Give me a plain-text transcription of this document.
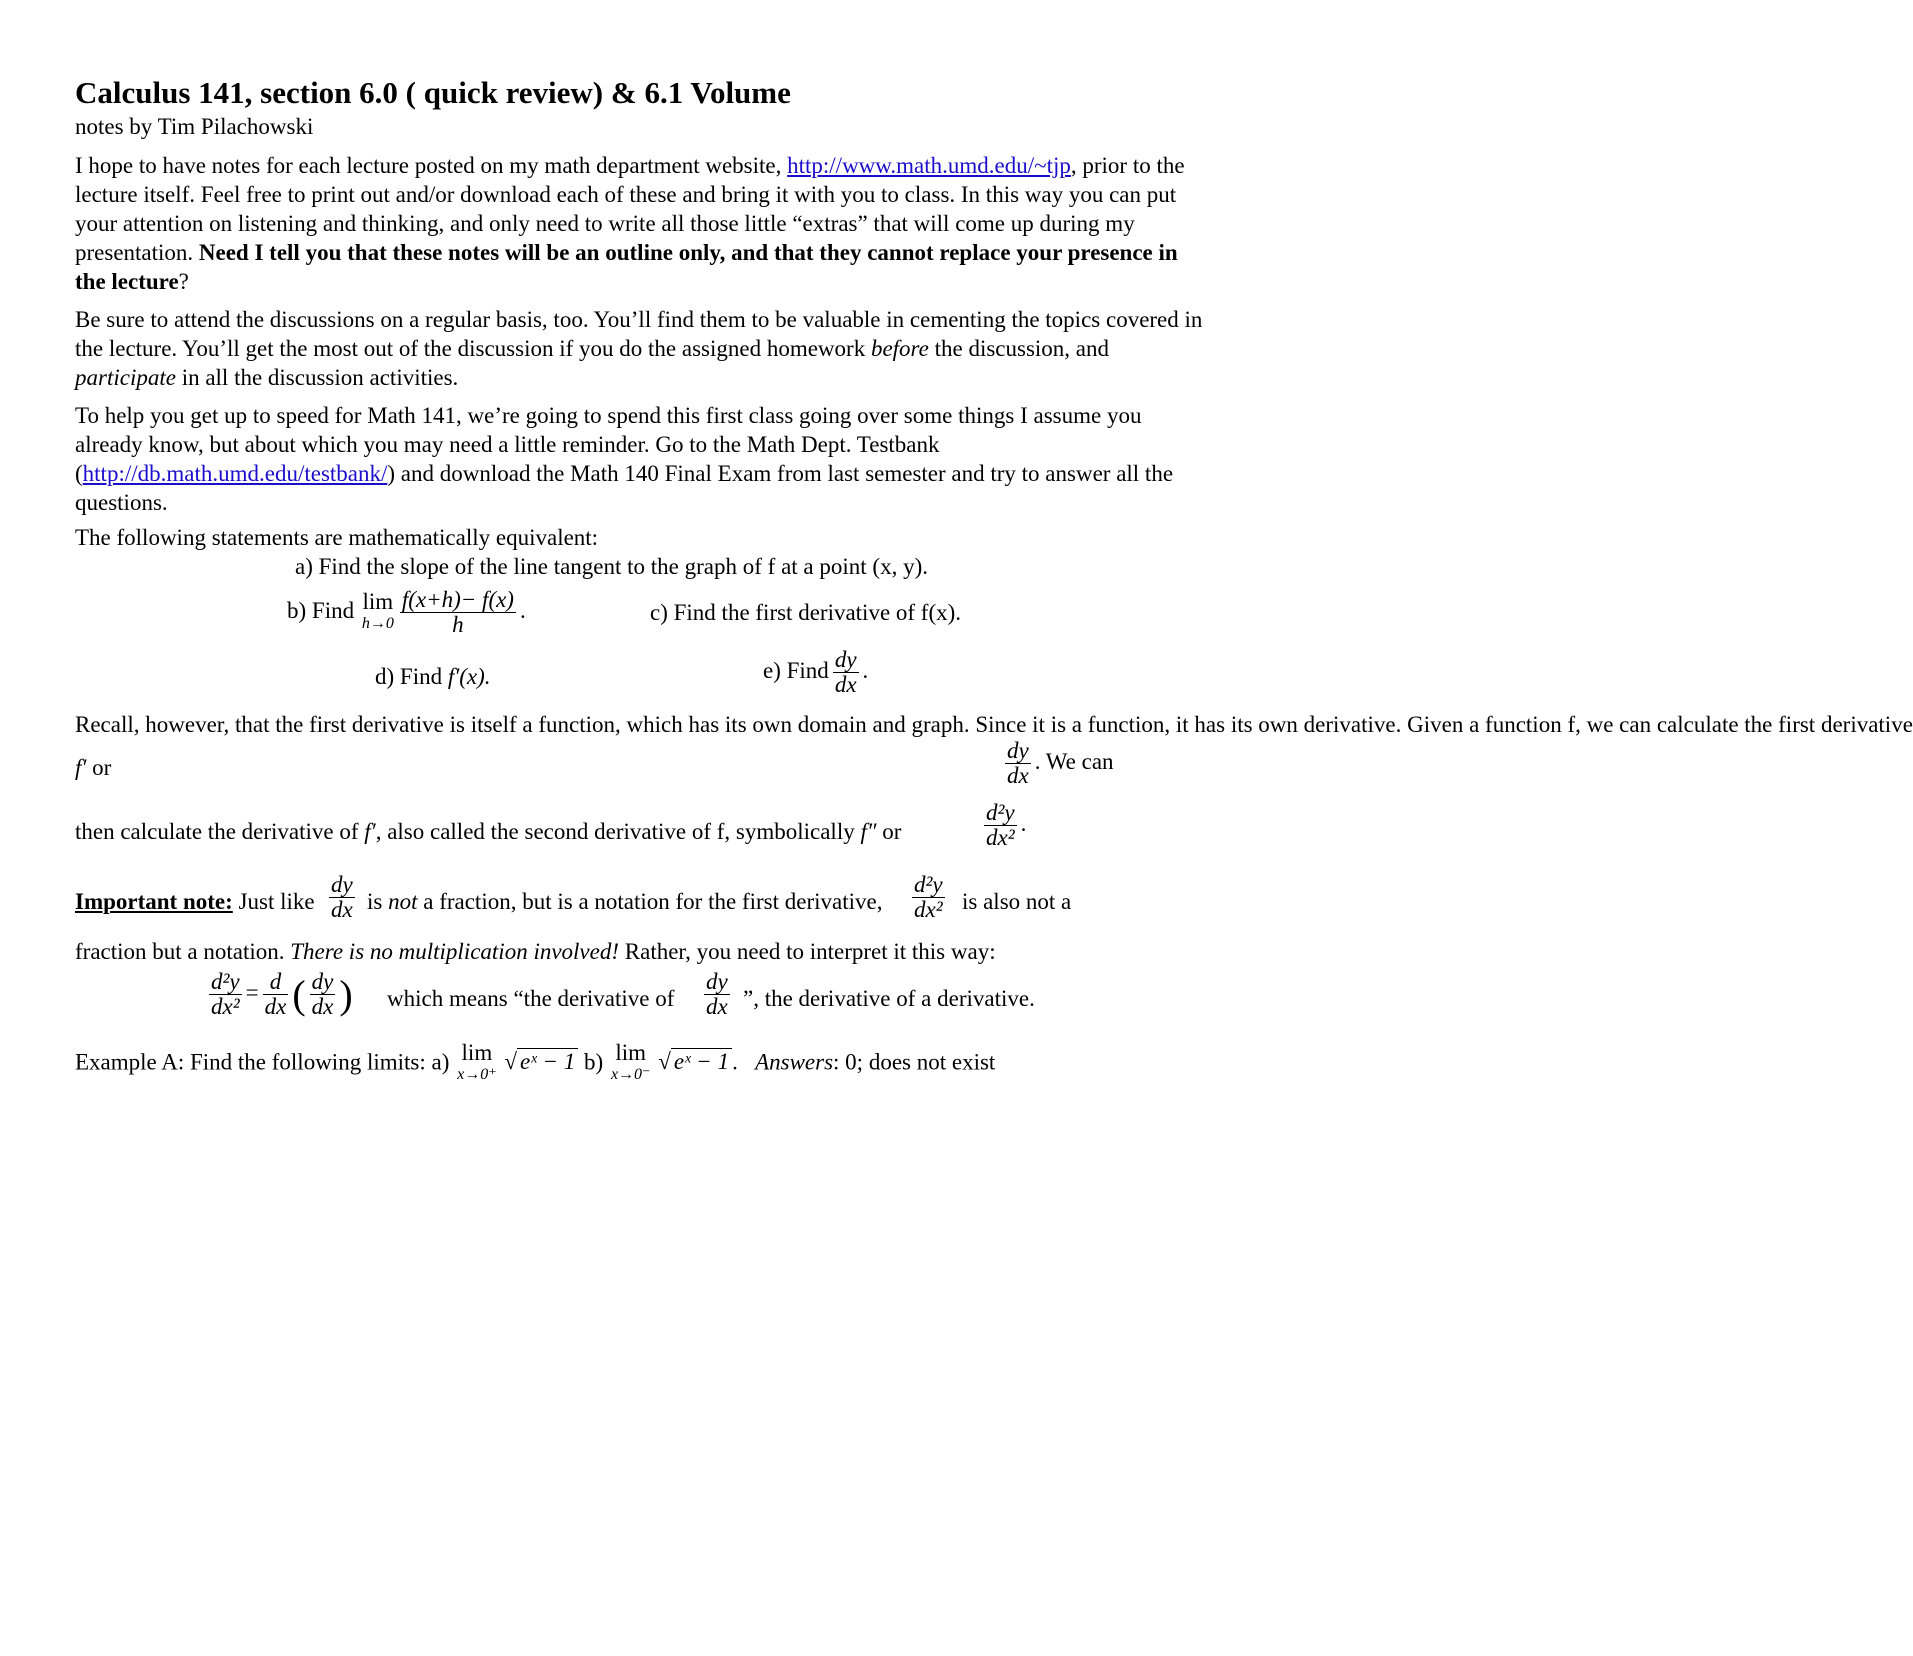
Calculus 141, section 6.0 ( quick review) & 6.1 Volume
notes by Tim Pilachowski

I hope to have notes for each lecture posted on my math department website, http://www.math.umd.edu/~tjp, prior to the lecture itself. Feel free to print out and/or download each of these and bring it with you to class. In this way you can put your attention on listening and thinking, and only need to write all those little “extras” that will come up during my presentation. Need I tell you that these notes will be an outline only, and that they cannot replace your presence in the lecture?

Be sure to attend the discussions on a regular basis, too. You’ll find them to be valuable in cementing the topics covered in the lecture. You’ll get the most out of the discussion if you do the assigned homework before the discussion, and participate in all the discussion activities.

To help you get up to speed for Math 141, we’re going to spend this first class going over some things I assume you already know, but about which you may need a little reminder. Go to the Math Dept. Testbank (http://db.math.umd.edu/testbank/) and download the Math 140 Final Exam from last semester and try to answer all the questions.

The following statements are mathematically equivalent:
a) Find the slope of the line tangent to the graph of f at a point (x, y).
b) Find lim
$h\to 0 \frac{f(x+h)- f(x)}{h}$ .	c) Find the first derivative of f(x).
d) Find f′(x).	e) Find $\frac{dy}{dx}$ .
Recall, however, that the first derivative is itself a function, which has its own domain and graph. Since it is a function, it has its own derivative. Given a function f, we can calculate the first derivative
f′ or	$\frac{dy}{dx}$ . We can
then calculate the derivative of f′, also called the second derivative of f, symbolically f″ or	$\frac{\text{d²y}}{\text{dx²}}$ .
Important note: Just like $\frac{dy}{dx}$ is not a fraction, but is a notation for the first derivative, $\frac{\text{d²y}}{\text{dx²}}$ is also not a
fraction but a notation. There is no multiplication involved! Rather, you need to interpret it this way:
$\frac{\text{d²y}}{\text{dx²}} = \frac{d}{dx}$ ( $\frac{dy}{dx}$ ) which means “the derivative of $\frac{dy}{dx}$ ”, the derivative of a derivative.
Example A: Find the following limits: a) lim
x→0⁺
√ eˣ − 1 b) lim
x→0⁻
√ eˣ − 1 .   Answers: 0; does not exist
